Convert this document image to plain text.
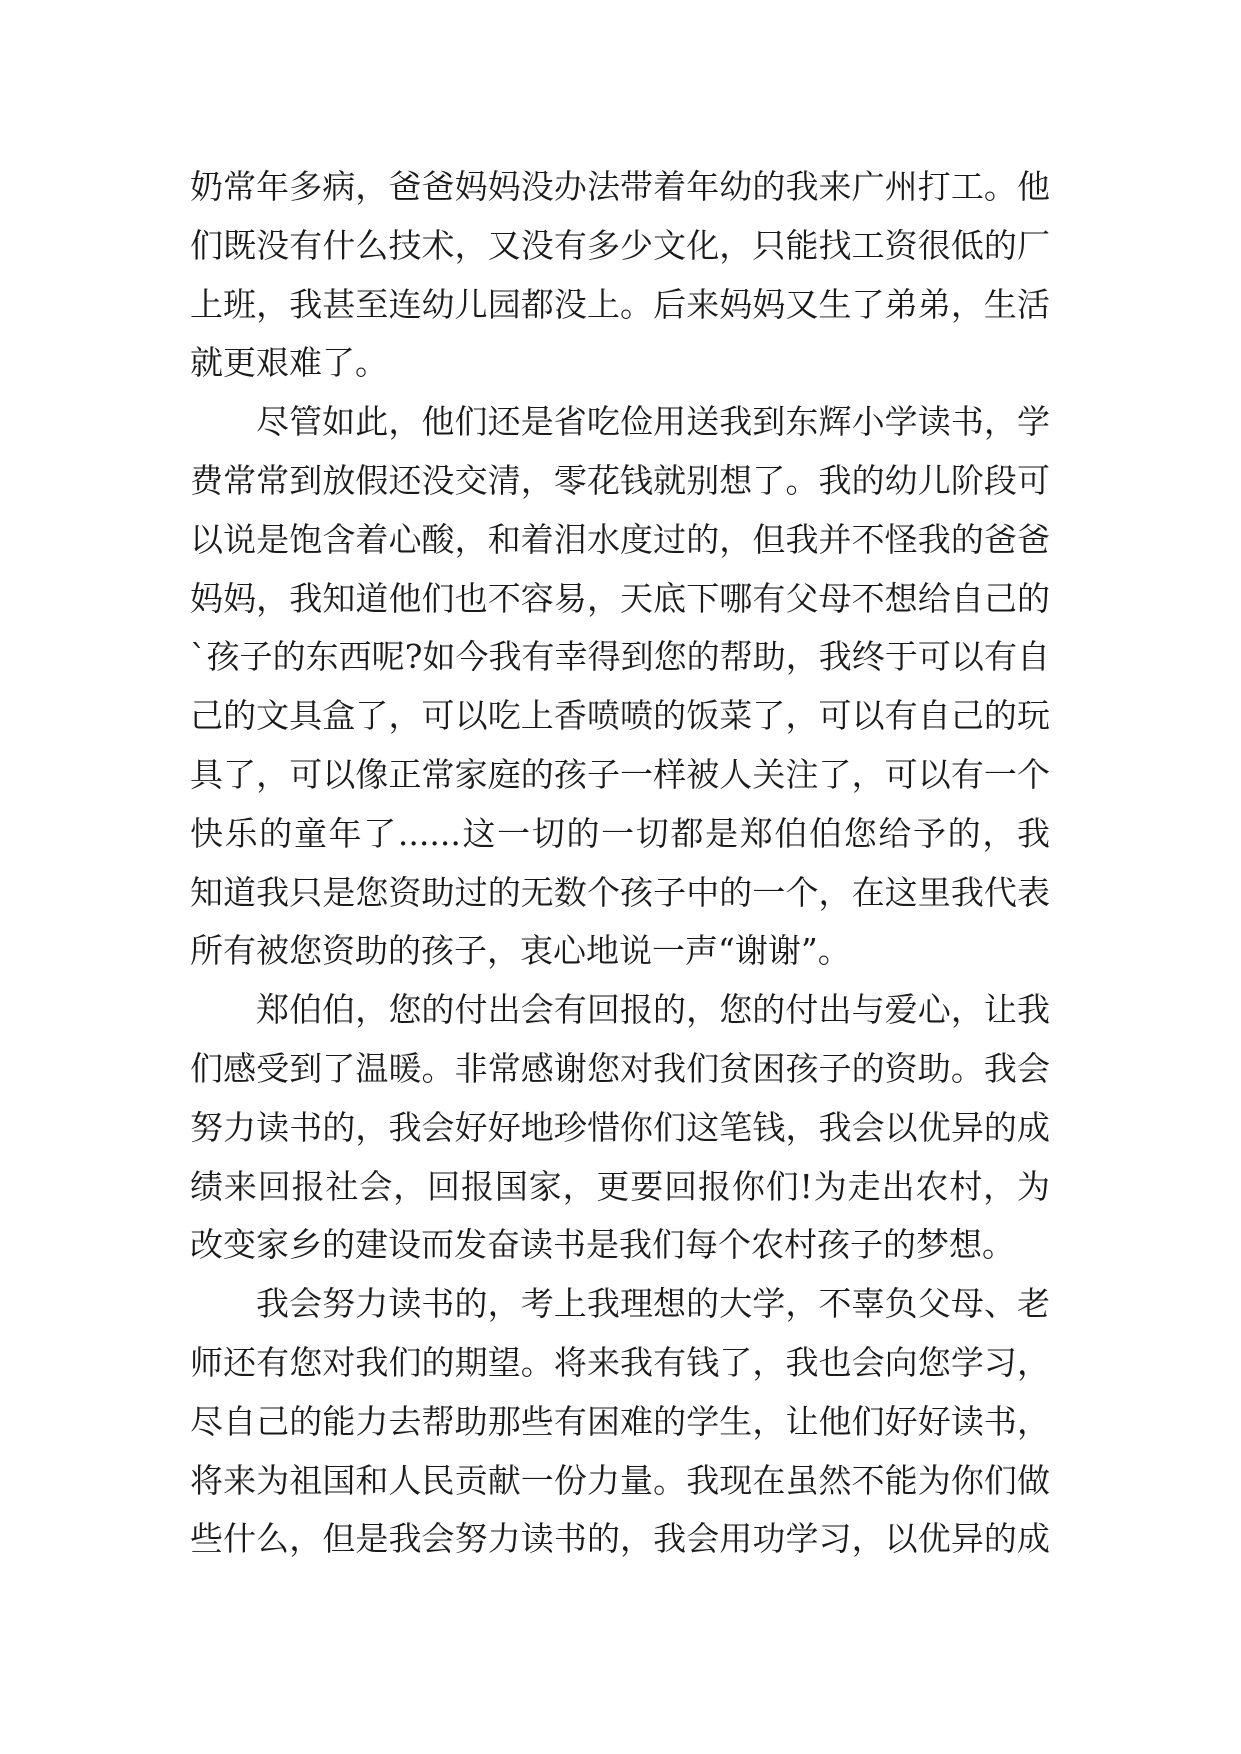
奶常年多病，爸爸妈妈没办法带着年幼的我来广州打工。他
们既没有什么技术，又没有多少文化，只能找工资很低的厂
上班，我甚至连幼儿园都没上。后来妈妈又生了弟弟，生活
就更艰难了。
尽管如此，他们还是省吃俭用送我到东辉小学读书，学
费常常到放假还没交清，零花钱就别想了。我的幼儿阶段可
以说是饱含着心酸，和着泪水度过的，但我并不怪我的爸爸
妈妈，我知道他们也不容易，天底下哪有父母不想给自己的
`孩子的东西呢?如今我有幸得到您的帮助，我终于可以有自
己的文具盒了，可以吃上香喷喷的饭菜了，可以有自己的玩
具了，可以像正常家庭的孩子一样被人关注了，可以有一个
快乐的童年了......这一切的一切都是郑伯伯您给予的，我
知道我只是您资助过的无数个孩子中的一个，在这里我代表
所有被您资助的孩子，衷心地说一声“谢谢”。
郑伯伯，您的付出会有回报的，您的付出与爱心，让我
们感受到了温暖。非常感谢您对我们贫困孩子的资助。我会
努力读书的，我会好好地珍惜你们这笔钱，我会以优异的成
绩来回报社会，回报国家，更要回报你们!为走出农村，为
改变家乡的建设而发奋读书是我们每个农村孩子的梦想。
我会努力读书的，考上我理想的大学，不辜负父母、老
师还有您对我们的期望。将来我有钱了，我也会向您学习，
尽自己的能力去帮助那些有困难的学生，让他们好好读书，
将来为祖国和人民贡献一份力量。我现在虽然不能为你们做
些什么，但是我会努力读书的，我会用功学习，以优异的成
